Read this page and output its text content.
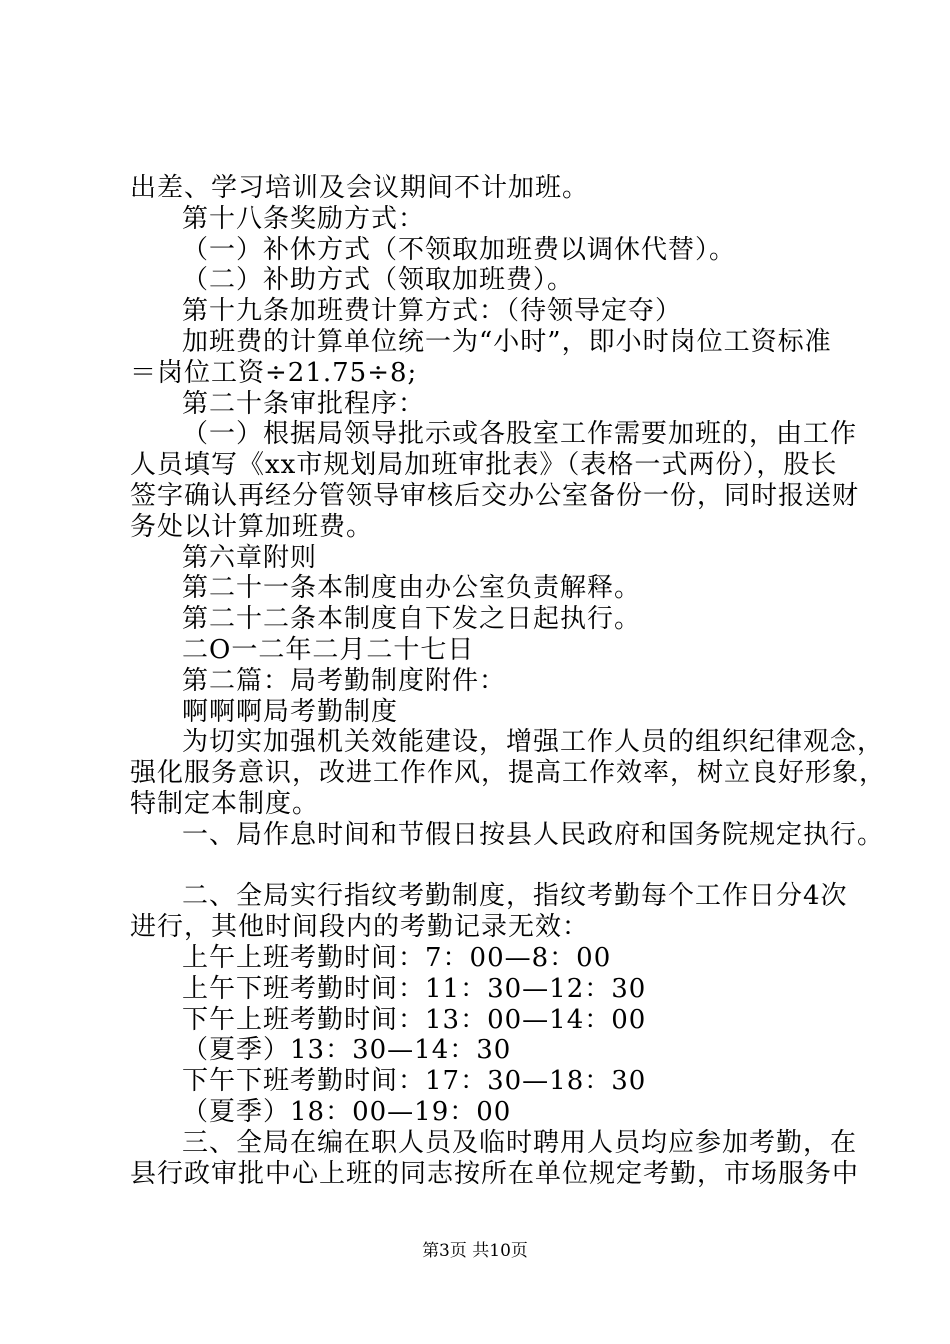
出差、学习培训及会议期间不计加班。
第十八条奖励方式：
（一）补休方式（不领取加班费以调休代替）。
（二）补助方式（领取加班费）。
第十九条加班费计算方式：（待领导定夺）
加班费的计算单位统一为“小时”，即小时岗位工资标准
＝岗位工资÷21.75÷8;
第二十条审批程序：
（一）根据局领导批示或各股室工作需要加班的，由工作
人员填写《xx市规划局加班审批表》（表格一式两份），股长
签字确认再经分管领导审核后交办公室备份一份，同时报送财
务处以计算加班费。
第六章附则
第二十一条本制度由办公室负责解释。
第二十二条本制度自下发之日起执行。
二O一二年二月二十七日
第二篇：局考勤制度附件：
啊啊啊局考勤制度
为切实加强机关效能建设，增强工作人员的组织纪律观念，
强化服务意识，改进工作作风，提高工作效率，树立良好形象，
特制定本制度。
一、局作息时间和节假日按县人民政府和国务院规定执行。
二、全局实行指纹考勤制度，指纹考勤每个工作日分4次
进行，其他时间段内的考勤记录无效：
上午上班考勤时间：7：00—8：00
上午下班考勤时间：11：30—12：30
下午上班考勤时间：13：00—14：00
（夏季）13：30—14：30
下午下班考勤时间：17：30—18：30
（夏季）18：00—19：00
三、全局在编在职人员及临时聘用人员均应参加考勤，在
县行政审批中心上班的同志按所在单位规定考勤，市场服务中
第3页 共10页
